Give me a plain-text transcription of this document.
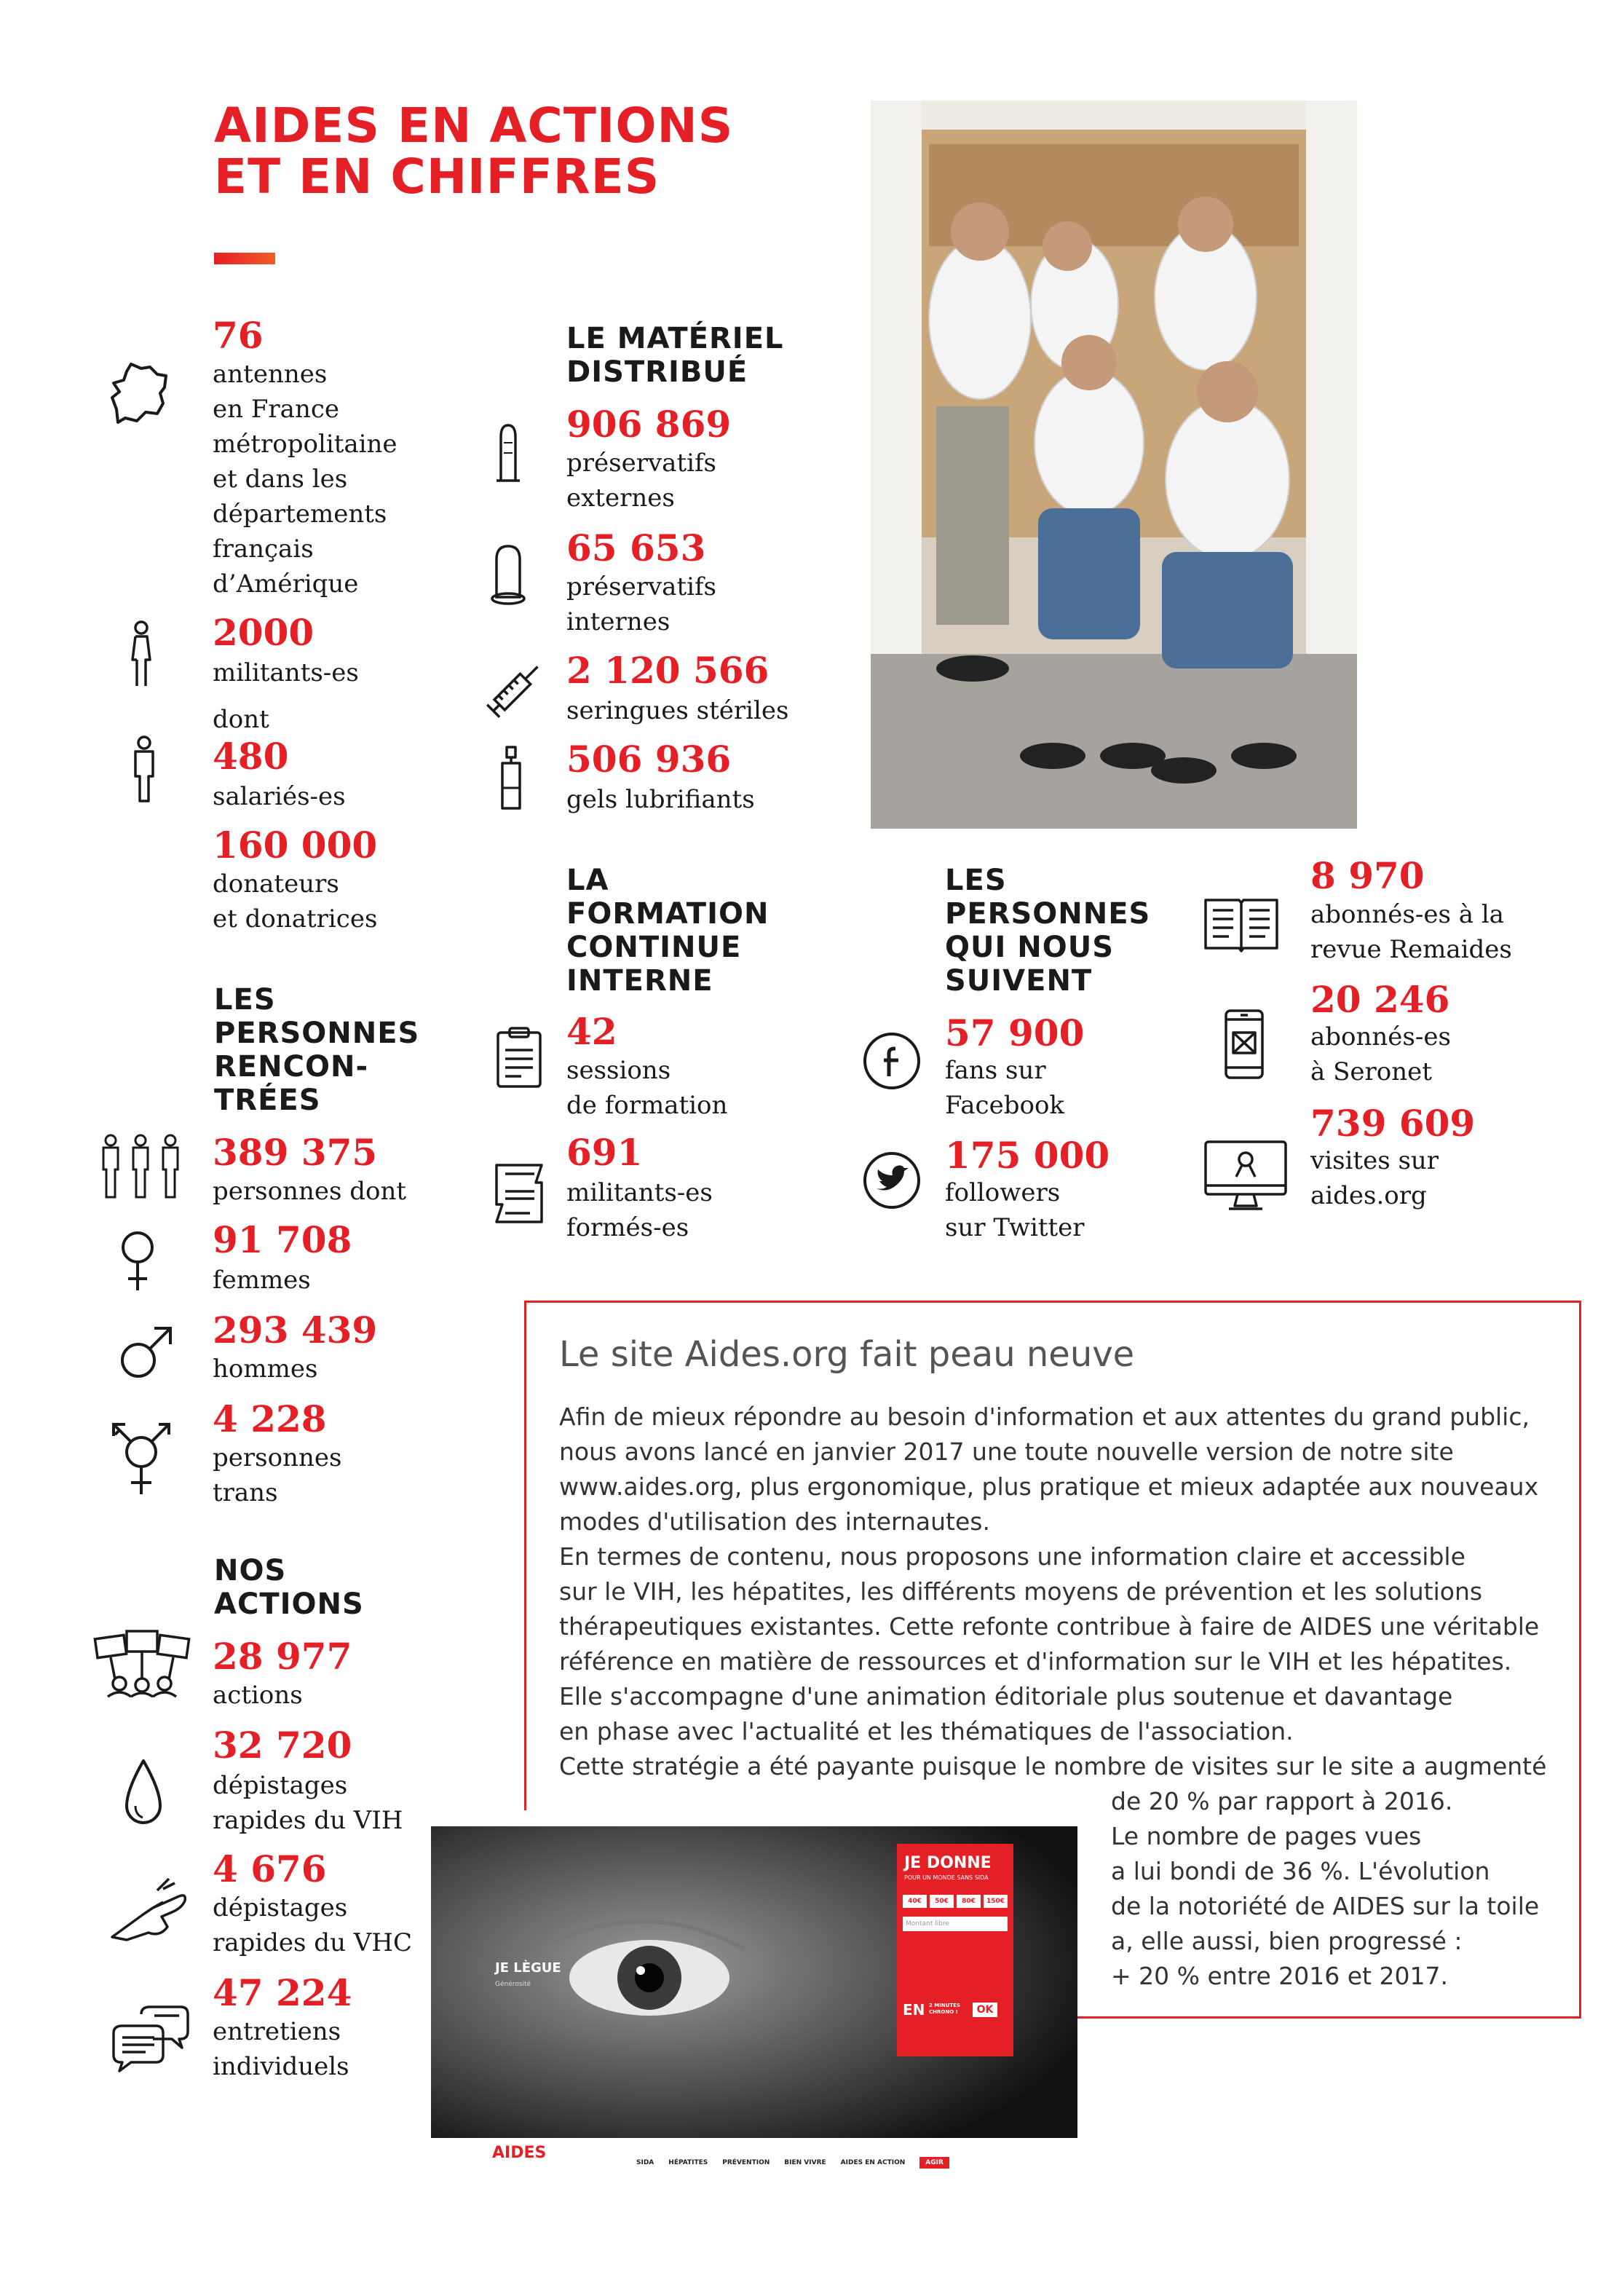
AIDES EN ACTIONS
ET EN CHIFFRES
76
antennes
en France
métropolitaine
et dans les
départements
français
d’Amérique
2000
militants-es
dont
480
salariés-es
160 000
donateurs
et donatrices
LE MATÉRIEL
DISTRIBUÉ
906 869
préservatifs
externes
65 653
préservatifs
internes
2 120 566
seringues stériles
506 936
gels lubrifiants
LES
PERSONNES
RENCON-
TRÉES
389 375
personnes dont
91 708
femmes
293 439
hommes
4 228
personnes
trans
NOS
ACTIONS
28 977
actions
32 720
dépistages
rapides du VIH
4 676
dépistages
rapides du VHC
47 224
entretiens
individuels
LA
FORMATION
CONTINUE
INTERNE
42
sessions
de formation
691
militants-es
formés-es
LES
PERSONNES
QUI NOUS
SUIVENT
57 900
fans sur
Facebook
175 000
followers
sur Twitter
8 970
abonnés-es à la
revue Remaides
20 246
abonnés-es
à Seronet
739 609
visites sur
aides.org
Le site Aides.org fait peau neuve
Afin de mieux répondre au besoin d'information et aux attentes du grand public,
nous avons lancé en janvier 2017 une toute nouvelle version de notre site
www.aides.org, plus ergonomique, plus pratique et mieux adaptée aux nouveaux
modes d'utilisation des internautes.
En termes de contenu, nous proposons une information claire et accessible
sur le VIH, les hépatites, les différents moyens de prévention et les solutions
thérapeutiques existantes. Cette refonte contribue à faire de AIDES une véritable
référence en matière de ressources et d'information sur le VIH et les hépatites.
Elle s'accompagne d'une animation éditoriale plus soutenue et davantage
en phase avec l'actualité et les thématiques de l'association.
Cette stratégie a été payante puisque le nombre de visites sur le site a augmenté
de 20 % par rapport à 2016.
Le nombre de pages vues
a lui bondi de 36 %. L'évolution
de la notoriété de AIDES sur la toile
a, elle aussi, bien progressé :
+ 20 % entre 2016 et 2017.
JE DONNE
POUR UN MONDE SANS SIDA
40€	50€	80€	150€
Montant libre
EN 2 MINUTES CHRONO !	OK
JE LÈGUE
Générosité
AIDES
SIDA HÉPATITES PRÉVENTION BIEN VIVRE AIDES EN ACTION	AGIR
